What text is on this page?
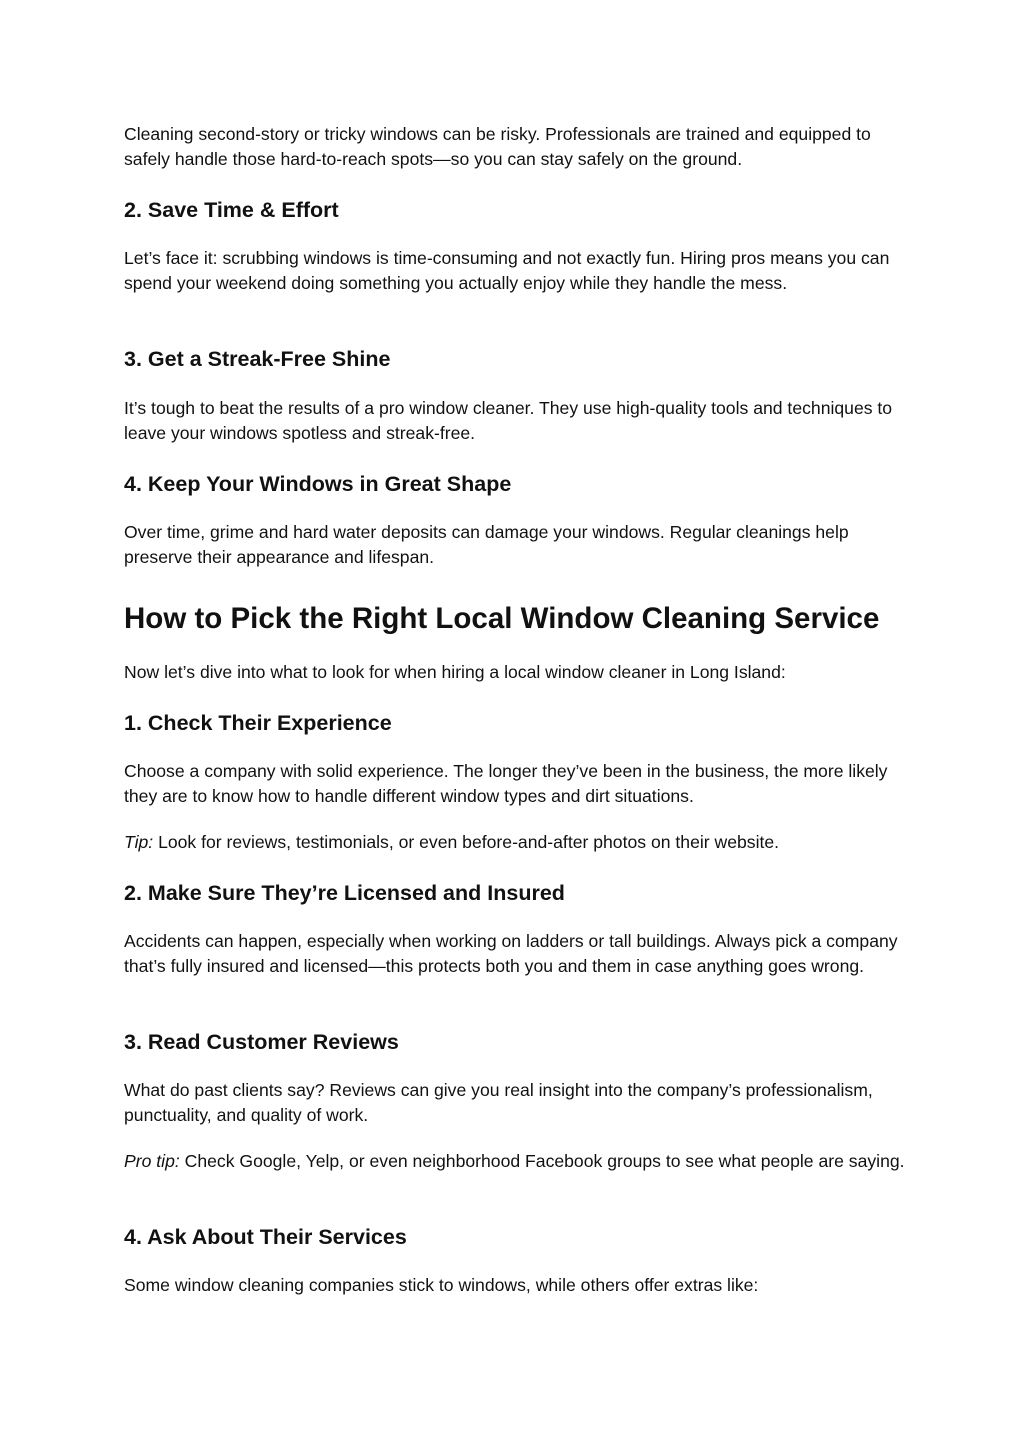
Cleaning second-story or tricky windows can be risky. Professionals are trained and equipped to safely handle those hard-to-reach spots—so you can stay safely on the ground.

2. Save Time & Effort

Let’s face it: scrubbing windows is time-consuming and not exactly fun. Hiring pros means you can spend your weekend doing something you actually enjoy while they handle the mess.

3. Get a Streak-Free Shine

It’s tough to beat the results of a pro window cleaner. They use high-quality tools and techniques to leave your windows spotless and streak-free.

4. Keep Your Windows in Great Shape

Over time, grime and hard water deposits can damage your windows. Regular cleanings help preserve their appearance and lifespan.

How to Pick the Right Local Window Cleaning Service

Now let’s dive into what to look for when hiring a local window cleaner in Long Island:

1. Check Their Experience

Choose a company with solid experience. The longer they’ve been in the business, the more likely they are to know how to handle different window types and dirt situations.

Tip: Look for reviews, testimonials, or even before-and-after photos on their website.

2. Make Sure They’re Licensed and Insured

Accidents can happen, especially when working on ladders or tall buildings. Always pick a company that’s fully insured and licensed—this protects both you and them in case anything goes wrong.

3. Read Customer Reviews

What do past clients say? Reviews can give you real insight into the company’s professionalism, punctuality, and quality of work.

Pro tip: Check Google, Yelp, or even neighborhood Facebook groups to see what people are saying.

4. Ask About Their Services

Some window cleaning companies stick to windows, while others offer extras like:
